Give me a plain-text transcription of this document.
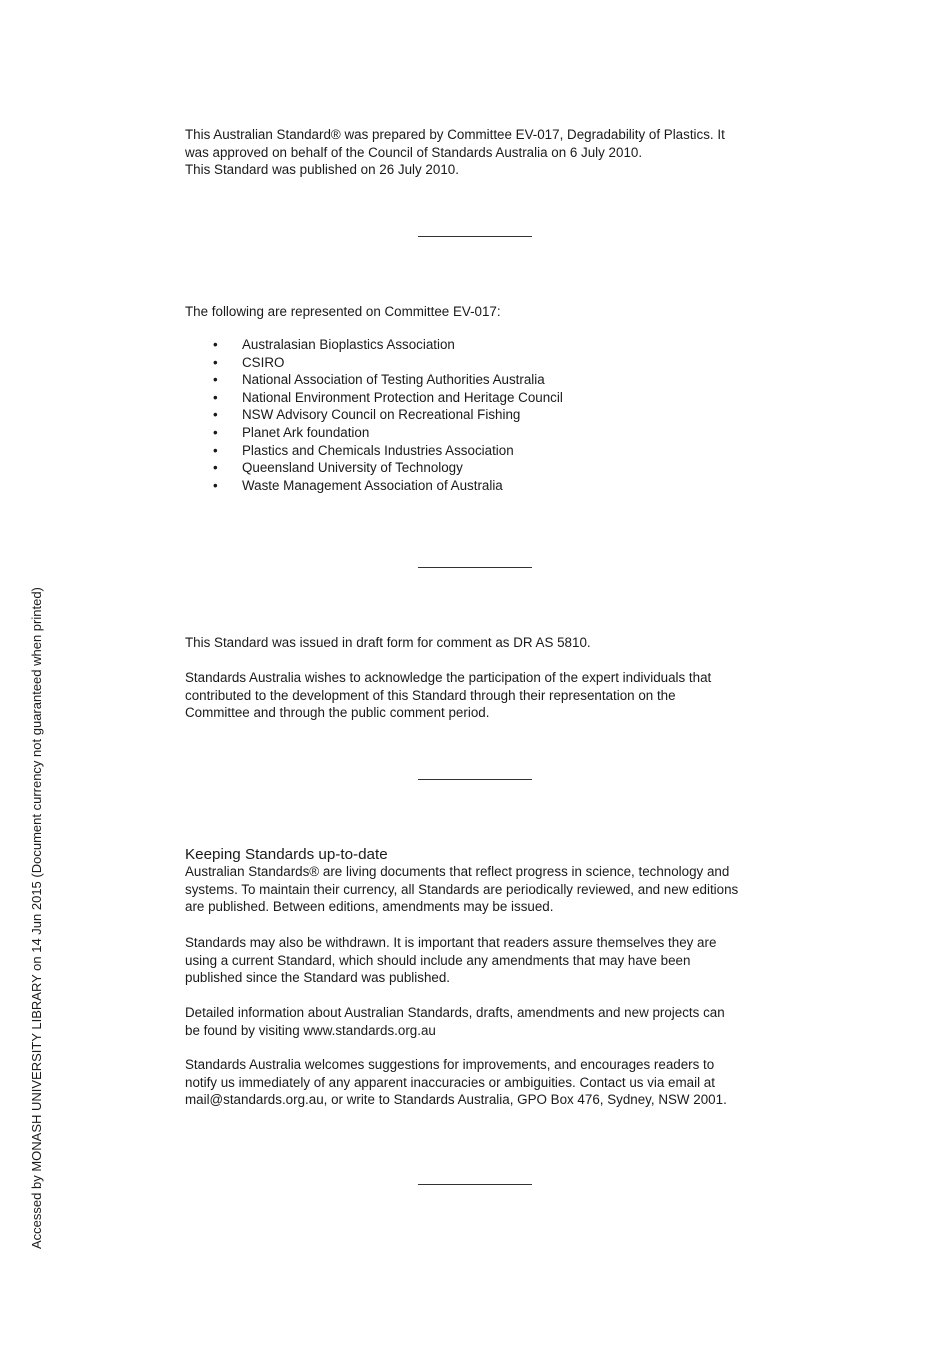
This Australian Standard® was prepared by Committee EV-017, Degradability of Plastics. It
was approved on behalf of the Council of Standards Australia on 6 July 2010.
This Standard was published on 26 July 2010.
The following are represented on Committee EV-017:
• Australasian Bioplastics Association
• CSIRO
• National Association of Testing Authorities Australia
• National Environment Protection and Heritage Council
• NSW Advisory Council on Recreational Fishing
• Planet Ark foundation
• Plastics and Chemicals Industries Association
• Queensland University of Technology
• Waste Management Association of Australia
This Standard was issued in draft form for comment as DR AS 5810.
Standards Australia wishes to acknowledge the participation of the expert individuals that
contributed to the development of this Standard through their representation on the
Committee and through the public comment period.
Keeping Standards up-to-date
Australian Standards® are living documents that reflect progress in science, technology and
systems. To maintain their currency, all Standards are periodically reviewed, and new editions
are published. Between editions, amendments may be issued.
Standards may also be withdrawn. It is important that readers assure themselves they are
using a current Standard, which should include any amendments that may have been
published since the Standard was published.
Detailed information about Australian Standards, drafts, amendments and new projects can
be found by visiting www.standards.org.au
Standards Australia welcomes suggestions for improvements, and encourages readers to
notify us immediately of any apparent inaccuracies or ambiguities. Contact us via email at
mail@standards.org.au, or write to Standards Australia, GPO Box 476, Sydney, NSW 2001.
Accessed by MONASH UNIVERSITY LIBRARY on 14 Jun 2015 (Document currency not guaranteed when printed)
